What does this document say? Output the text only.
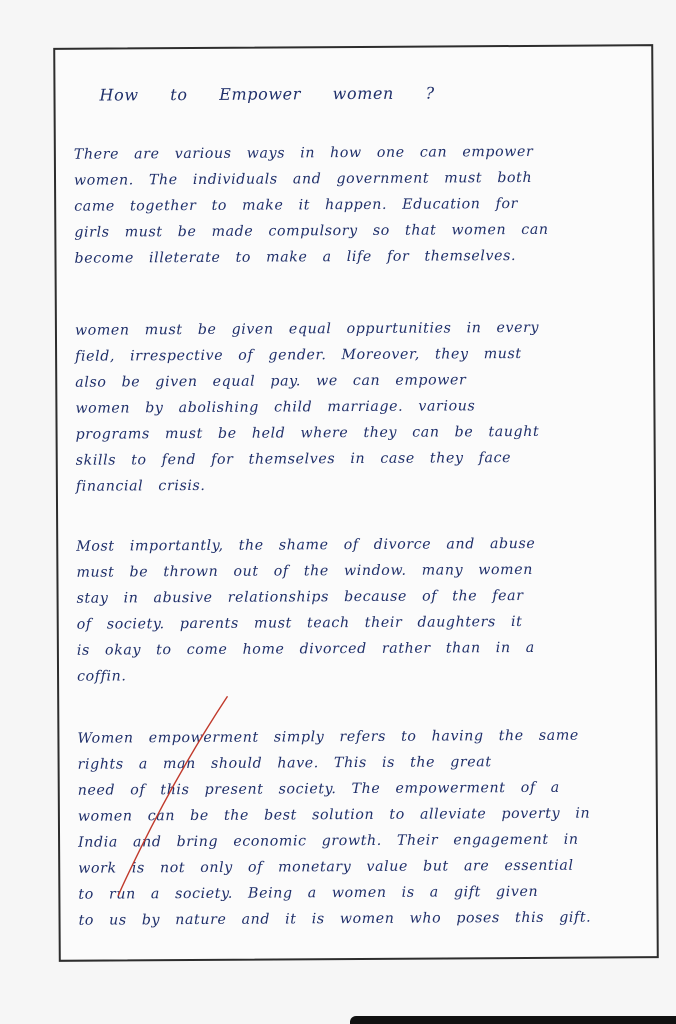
How to Empower women ?
There are various ways in how one can empower
women. The individuals and government must both
came together to make it happen. Education for
girls must be made compulsory so that women can
become illeterate to make a life for themselves.
women must be given equal oppurtunities in every
field, irrespective of gender. Moreover, they must
also be given equal pay. we can empower
women by abolishing child marriage. various
programs must be held where they can be taught
skills to fend for themselves in case they face
financial crisis.
Most importantly, the shame of divorce and abuse
must be thrown out of the window. many women
stay in abusive relationships because of the fear
of society. parents must teach their daughters it
is okay to come home divorced rather than in a
coffin.
Women empowerment simply refers to having the same
rights a man should have. This is the great
need of this present society. The empowerment of a
women can be the best solution to alleviate poverty in
India and bring economic growth. Their engagement in
work is not only of monetary value but are essential
to run a society. Being a women is a gift given
to us by nature and it is women who poses this gift.
